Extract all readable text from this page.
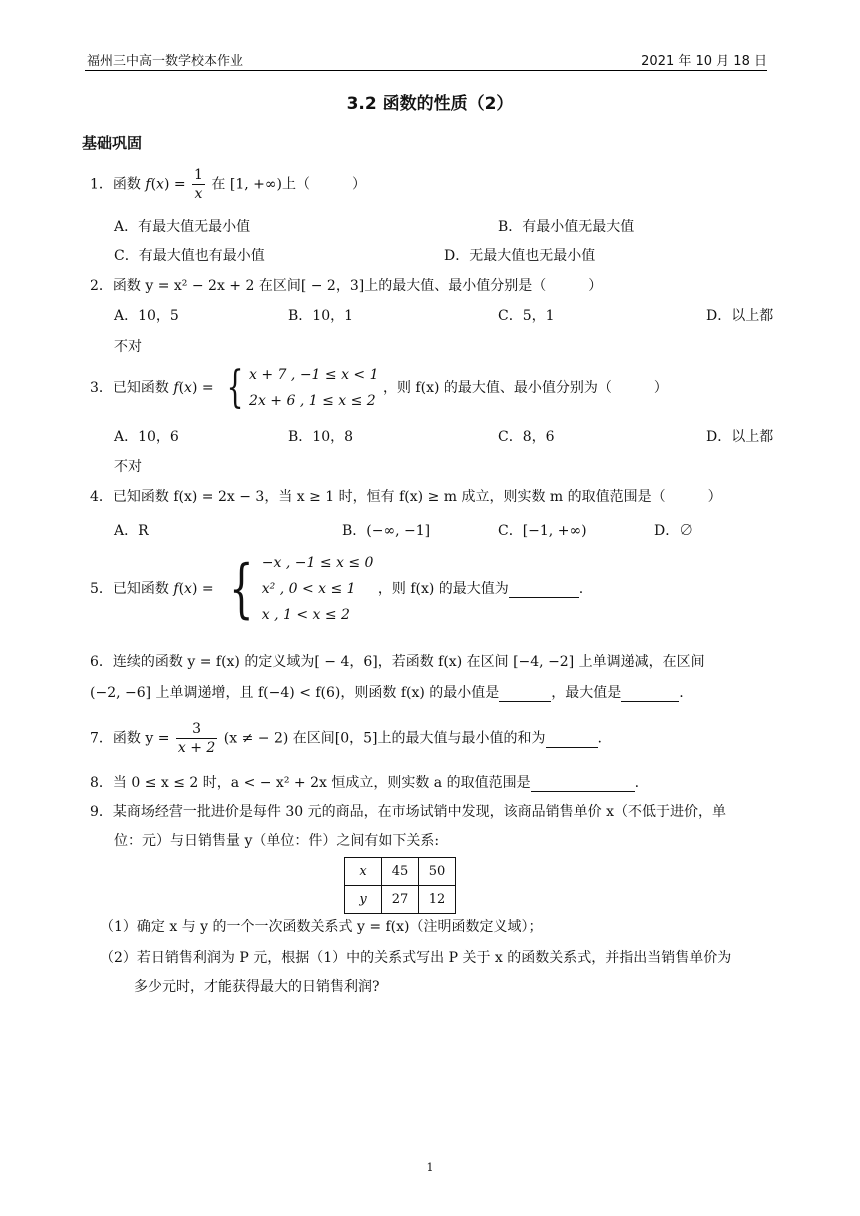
福州三中高一数学校本作业	2021 年 10 月 18 日
3.2 函数的性质（2）
基础巩固
1．函数 $f(x) = \frac{1}{x}$ 在 [1, +∞)上（　　　）
A．有最大值无最小值	B．有最小值无最大值
C．有最大值也有最小值	D．无最大值也无最小值
2．函数 y = x² − 2x + 2 在区间[ − 2，3]上的最大值、最小值分别是（　　　）
A．10，5	B．10，1	C．5，1	D．以上都
不对
3．已知函数 f(x) = { x + 7 , −1 ≤ x < 1
2x + 6 , 1 ≤ x ≤ 2
，则 f(x) 的最大值、最小值分别为（　　　）
A．10，6	B．10，8	C．8，6	D．以上都
不对
4．已知函数 f(x) = 2x − 3，当 x ≥ 1 时，恒有 f(x) ≥ m 成立，则实数 m 的取值范围是（　　　）
A．R	B．(−∞, −1]	C．[−1, +∞)	D．∅
5．已知函数 f(x) = { −x , −1 ≤ x ≤ 0
x² , 0 < x ≤ 1
x , 1 < x ≤ 2
，则 f(x) 的最大值为	.
6．连续的函数 y = f(x) 的定义域为[ − 4，6]，若函数 f(x) 在区间 [−4, −2] 上单调递减，在区间
(−2, −6] 上单调递增，且 f(−4) < f(6)，则函数 f(x) 的最小值是	，最大值是	.
7．函数 $y = \frac{3}{x + 2} (x$ ≠ − 2) 在区间[0，5]上的最大值与最小值的和为	.
8．当 0 ≤ x ≤ 2 时，a < − x² + 2x 恒成立，则实数 a 的取值范围是	.
9．某商场经营一批进价是每件 30 元的商品，在市场试销中发现，该商品销售单价 x（不低于进价，单
位：元）与日销售量 y（单位：件）之间有如下关系:
x	45	50
y	27	12
（1）确定 x 与 y 的一个一次函数关系式 y = f(x)（注明函数定义域）；
（2）若日销售利润为 P 元，根据（1）中的关系式写出 P 关于 x 的函数关系式，并指出当销售单价为
多少元时，才能获得最大的日销售利润?
1
